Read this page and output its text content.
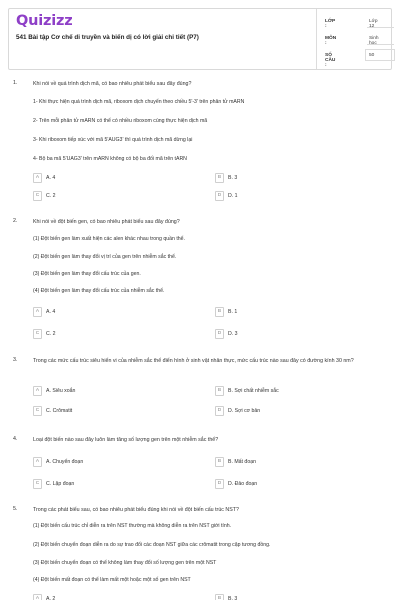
Quizizz
541 Bài tập Cơ chế di truyền và biến dị có lời giải chi tiết (P7)
LỚP :
Lớp
MÔN :
Sinh
SỐ CÂU :
50
1.	Khi nói về quá trình dịch mã, có bao nhiêu phát biểu sau đây đúng?
1- Khi thực hiện quá trình dịch mã, riboxom dịch chuyển theo chiều 5'-3' trên phân tử mARN
2- Trên mỗi phân tử mARN có thể có nhiều riboxom cùng thực hiện dịch mã
3- Khi riboxom tiếp xúc với mã 5'AUG3' thì quá trình dịch mã dừng lại
4- Bộ ba mã 5'UAG3' trên mARN không có bộ ba đối mã trên tARN
A	A. 4	B	B. 3
C	C. 2	D	D. 1
2.	Khi nói về đột biến gen, có bao nhiêu phát biểu sau đây đúng?
(1) Đột biến gen làm xuất hiện các alen khác nhau trong quần thể.
(2) Đột biến gen làm thay đổi vị trí của gen trên nhiễm sắc thể.
(3) Đột biến gen làm thay đổi cấu trúc của gen.
(4) Đột biến gen làm thay đổi cấu trúc của nhiễm sắc thể.
A	A. 4	B	B. 1
C	C. 2	D	D. 3
3.	Trong các mức cấu trúc siêu hiển vi của nhiễm sắc thể điển hình ở sinh vật nhân thực, mức cấu trúc nào sau đây có đường kính 30 nm?
A	A. Siêu xoắn	B	B. Sợi chất nhiễm sắc
C	C. Crômatit	D	D. Sợi cơ bản
4.	Loại đột biến nào sau đây luôn làm tăng số lượng gen trên một nhiễm sắc thể?
A	A. Chuyển đoạn	B	B. Mất đoạn
C	C. Lặp đoạn	D	D. Đảo đoạn
5.	Trong các phát biểu sau, có bao nhiêu phát biểu đúng khi nói về đột biến cấu trúc NST?
(1) Đột biến cấu trúc chỉ diễn ra trên NST thường mà không diễn ra trên NST giới tính.
(2) Đột biến chuyển đoạn diễn ra do sự trao đổi các đoạn NST giữa các crômatit trong cặp tương đồng.
(3) Đột biến chuyển đoạn có thể không làm thay đổi số lượng gen trên một NST
(4) Đột biến mất đoạn có thể làm mất một hoặc một số gen trên NST
A	A. 2	B	B. 3
